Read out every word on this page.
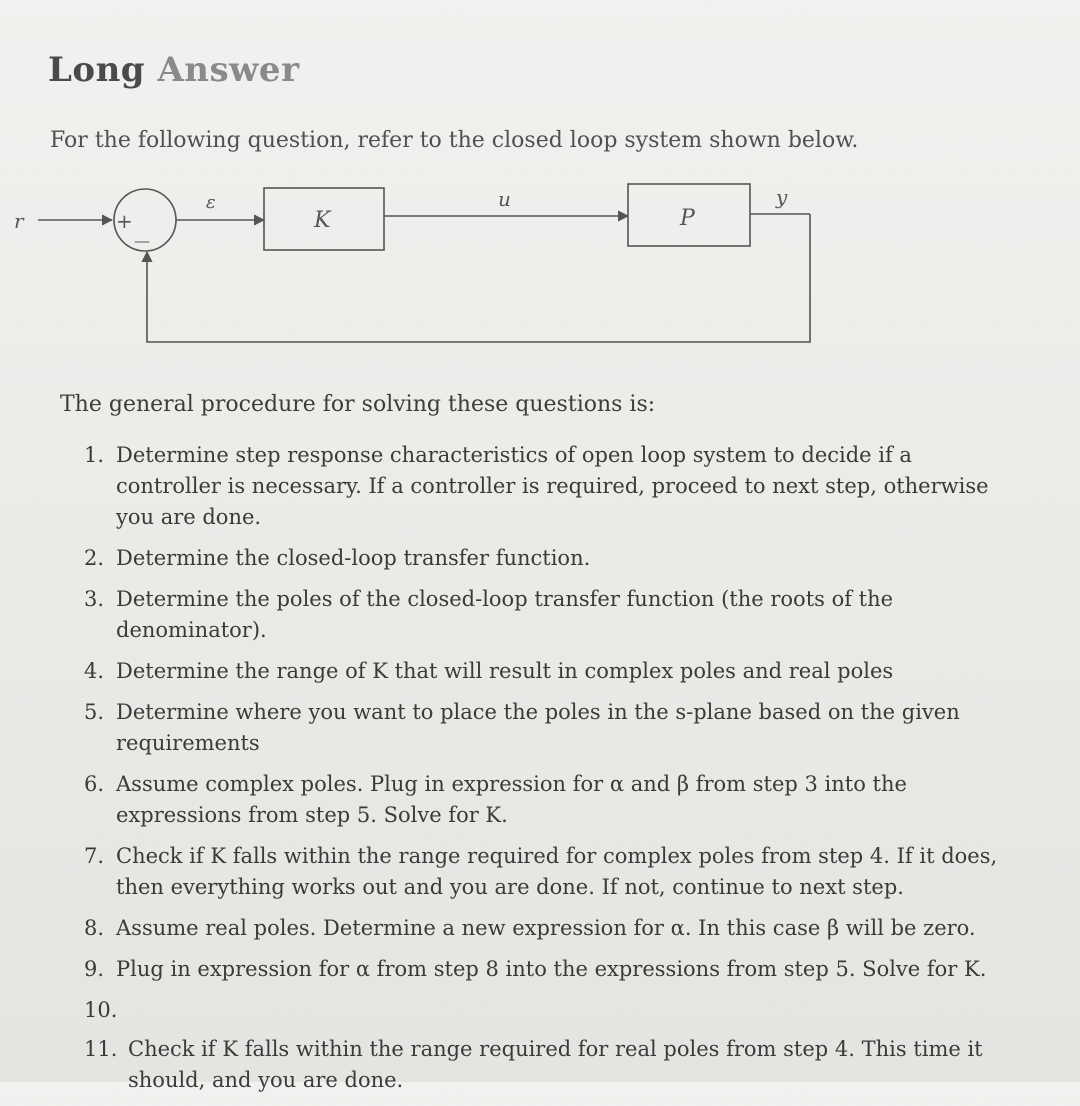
Long Answer
For the following question, refer to the closed loop system shown below.
r	+
—
ε
K
u
P
y
The general procedure for solving these questions is:
1. Determine step response characteristics of open loop system to decide if a controller is necessary. If a controller is required, proceed to next step, otherwise you are done.
2. Determine the closed-loop transfer function.
3. Determine the poles of the closed-loop transfer function (the roots of the denominator).
4. Determine the range of K that will result in complex poles and real poles
5. Determine where you want to place the poles in the s-plane based on the given requirements
6. Assume complex poles. Plug in expression for α and β from step 3 into the expressions from step 5. Solve for K.
7. Check if K falls within the range required for complex poles from step 4. If it does, then everything works out and you are done. If not, continue to next step.
8. Assume real poles. Determine a new expression for α. In this case β will be zero.
9. Plug in expression for α from step 8 into the expressions from step 5. Solve for K.
10.

11. Check if K falls within the range required for real poles from step 4. This time it should, and you are done.
